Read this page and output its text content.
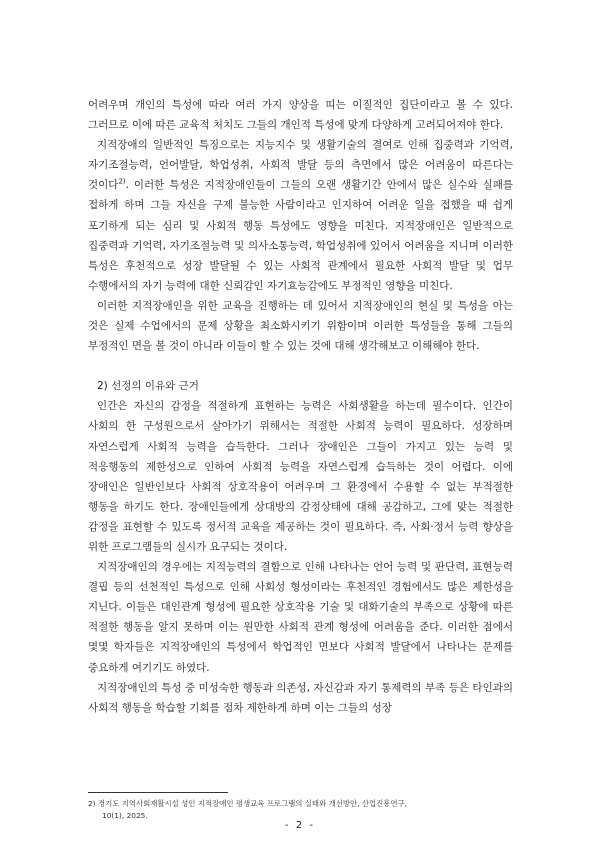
어려우며 개인의 특성에 따라 여러 가지 양상을 띠는 이질적인 집단이라고 볼 수 있다. 그러므로 이에 따른 교육적 처치도 그들의 개인적 특성에 맞게 다양하게 고려되어져야 한다.

지적장애의 일반적인 특징으로는 지능지수 및 생활기술의 결여로 인해 집중력과 기억력, 자기조절능력, 언어발달, 학업성취, 사회적 발달 등의 측면에서 많은 어려움이 따른다는 것이다$^{2)}$. 이러한 특성은 지적장애인들이 그들의 오랜 생활기간 안에서 많은 실수와 실패를 접하게 하며 그들 자신을 구제 불능한 사람이라고 인지하여 어려운 일을 접했을 때 쉽게 포기하게 되는 심리 및 사회적 행동 특성에도 영향을 미친다. 지적장애인은 일반적으로 집중력과 기억력, 자기조절능력 및 의사소통능력, 학업성취에 있어서 어려움을 지니며 이러한 특성은 후천적으로 성장 발달될 수 있는 사회적 관계에서 필요한 사회적 발달 및 업무 수행에서의 자기 능력에 대한 신뢰감인 자기효능감에도 부정적인 영향을 미친다.

이러한 지적장애인을 위한 교육을 진행하는 데 있어서 지적장애인의 현실 및 특성을 아는 것은 실제 수업에서의 문제 상황을 최소화시키기 위함이며 이러한 특성들을 통해 그들의 부정적인 면을 볼 것이 아니라 이들이 할 수 있는 것에 대해 생각해보고 이해해야 한다.

2) 선정의 이유와 근거

인간은 자신의 감정을 적절하게 표현하는 능력은 사회생활을 하는데 필수이다. 인간이 사회의 한 구성원으로서 살아가기 위해서는 적절한 사회적 능력이 필요하다. 성장하며 자연스럽게 사회적 능력을 습득한다. 그러나 장애인은 그들이 가지고 있는 능력 및 적응행동의 제한성으로 인하여 사회적 능력을 자연스럽게 습득하는 것이 어렵다. 이에 장애인은 일반인보다 사회적 상호작용이 어려우며 그 환경에서 수용할 수 없는 부적절한 행동을 하기도 한다. 장애인들에게 상대방의 감정상태에 대해 공감하고, 그에 맞는 적절한 감정을 표현할 수 있도록 정서적 교육을 제공하는 것이 필요하다. 즉, 사회·정서 능력 향상을 위한 프로그램들의 실시가 요구되는 것이다.

지적장애인의 경우에는 지적능력의 결함으로 인해 나타나는 언어 능력 및 판단력, 표현능력 결핍 등의 선천적인 특성으로 인해 사회성 형성이라는 후천적인 경험에서도 많은 제한성을 지닌다. 이들은 대인관계 형성에 필요한 상호작용 기술 및 대화기술의 부족으로 상황에 따른 적절한 행동을 알지 못하며 이는 원만한 사회적 관계 형성에 어려움을 준다. 이러한 점에서 몇몇 학자들은 지적장애인의 특성에서 학업적인 면보다 사회적 발달에서 나타나는 문제를 중요하게 여기기도 하였다.

지적장애인의 특성 중 미성숙한 행동과 의존성, 자신감과 자기 통제력의 부족 등은 타인과의 사회적 행동을 학습할 기회를 점차 제한하게 하며 이는 그들의 성장

2) 경기도 지역사회재활시설 성인 지적장애인 평생교육 프로그램의 실태와 개선방안, 산업진흥연구,
10(1), 2025.
- 2 -
